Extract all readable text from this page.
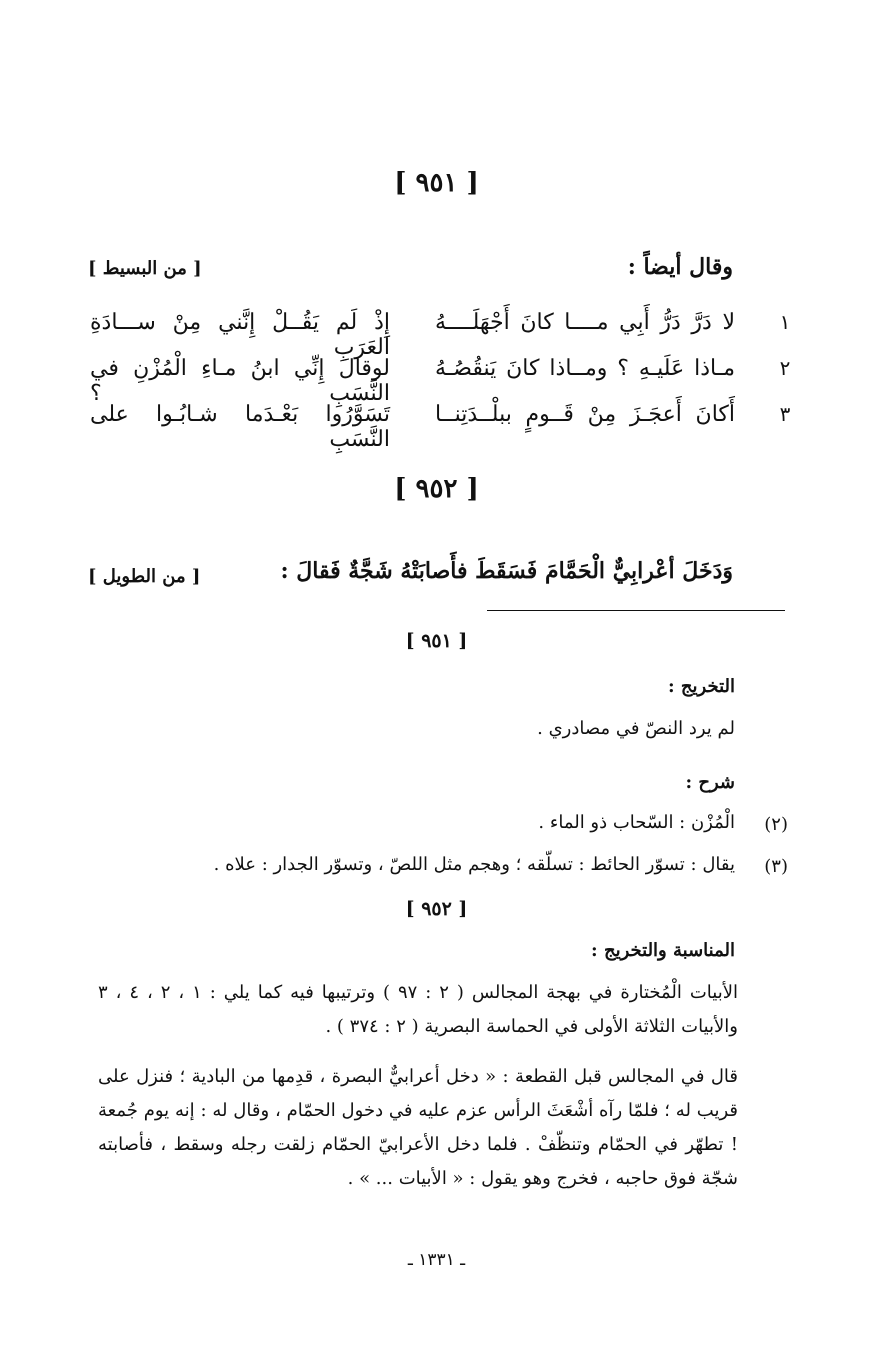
[ ٩٥١ ]
وقال أيضاً :
[ من البسيط ]
١
لا دَرَّ دَرُّ أَبِي مــــا كانَ أَجْهَلَــــهُ
إِذْ لَم يَقُــلْ إِنَّني مِنْ ســـادَةِ العَرَبِ
٢
مـاذا عَلَيـهِ ؟ ومــاذا كانَ يَنقُصُـهُ
لوقالَ إِنِّي ابنُ مـاءِ الْمُزْنِ في النَّسَبِ ؟
٣
أَكانَ أَعجَـزَ مِنْ قَــومٍ ببلْــدَتِنــا
تَسَوَّرُوا بَعْـدَما شـابُـوا على النَّسَبِ
[ ٩٥٢ ]
وَدَخَلَ أعْرابِيٌّ الْحَمَّامَ فَسَقَطَ فأَصابَتْهُ شَجَّةٌ فَقالَ :
[ من الطويل ]
[ ٩٥١ ]
التخريج :
لم يرد النصّ في مصادري .
شرح :
(٢)
الْمُزْن : السّحاب ذو الماء .
(٣)
يقال : تسوّر الحائط : تسلّقه ؛ وهجم مثل اللصّ ، وتسوّر الجدار : علاه .
[ ٩٥٢ ]
المناسبة والتخريج :
الأبيات الْمُختارة في بهجة المجالس ( ٢ : ٩٧ ) وترتيبها فيه كما يلي : ١ ، ٢ ، ٤ ، ٣ والأبيات الثلاثة الأولى في الحماسة البصرية ( ٢ : ٣٧٤ ) .
قال في المجالس قبل القطعة : « دخل أعرابيٌّ البصرة ، قدِمها من البادية ؛ فنزل على قريب له ؛ فلمّا رآه أشْعَثَ الرأس عزم عليه في دخول الحمّام ، وقال له : إنه يوم جُمعة ! تطهّر في الحمّام وتنظّفْ . فلما دخل الأعرابيّ الحمّام زلقت رجله وسقط ، فأصابته شجّة فوق حاجبه ، فخرج وهو يقول : « الأبيات ... » .
ـ ١٣٣١ ـ
